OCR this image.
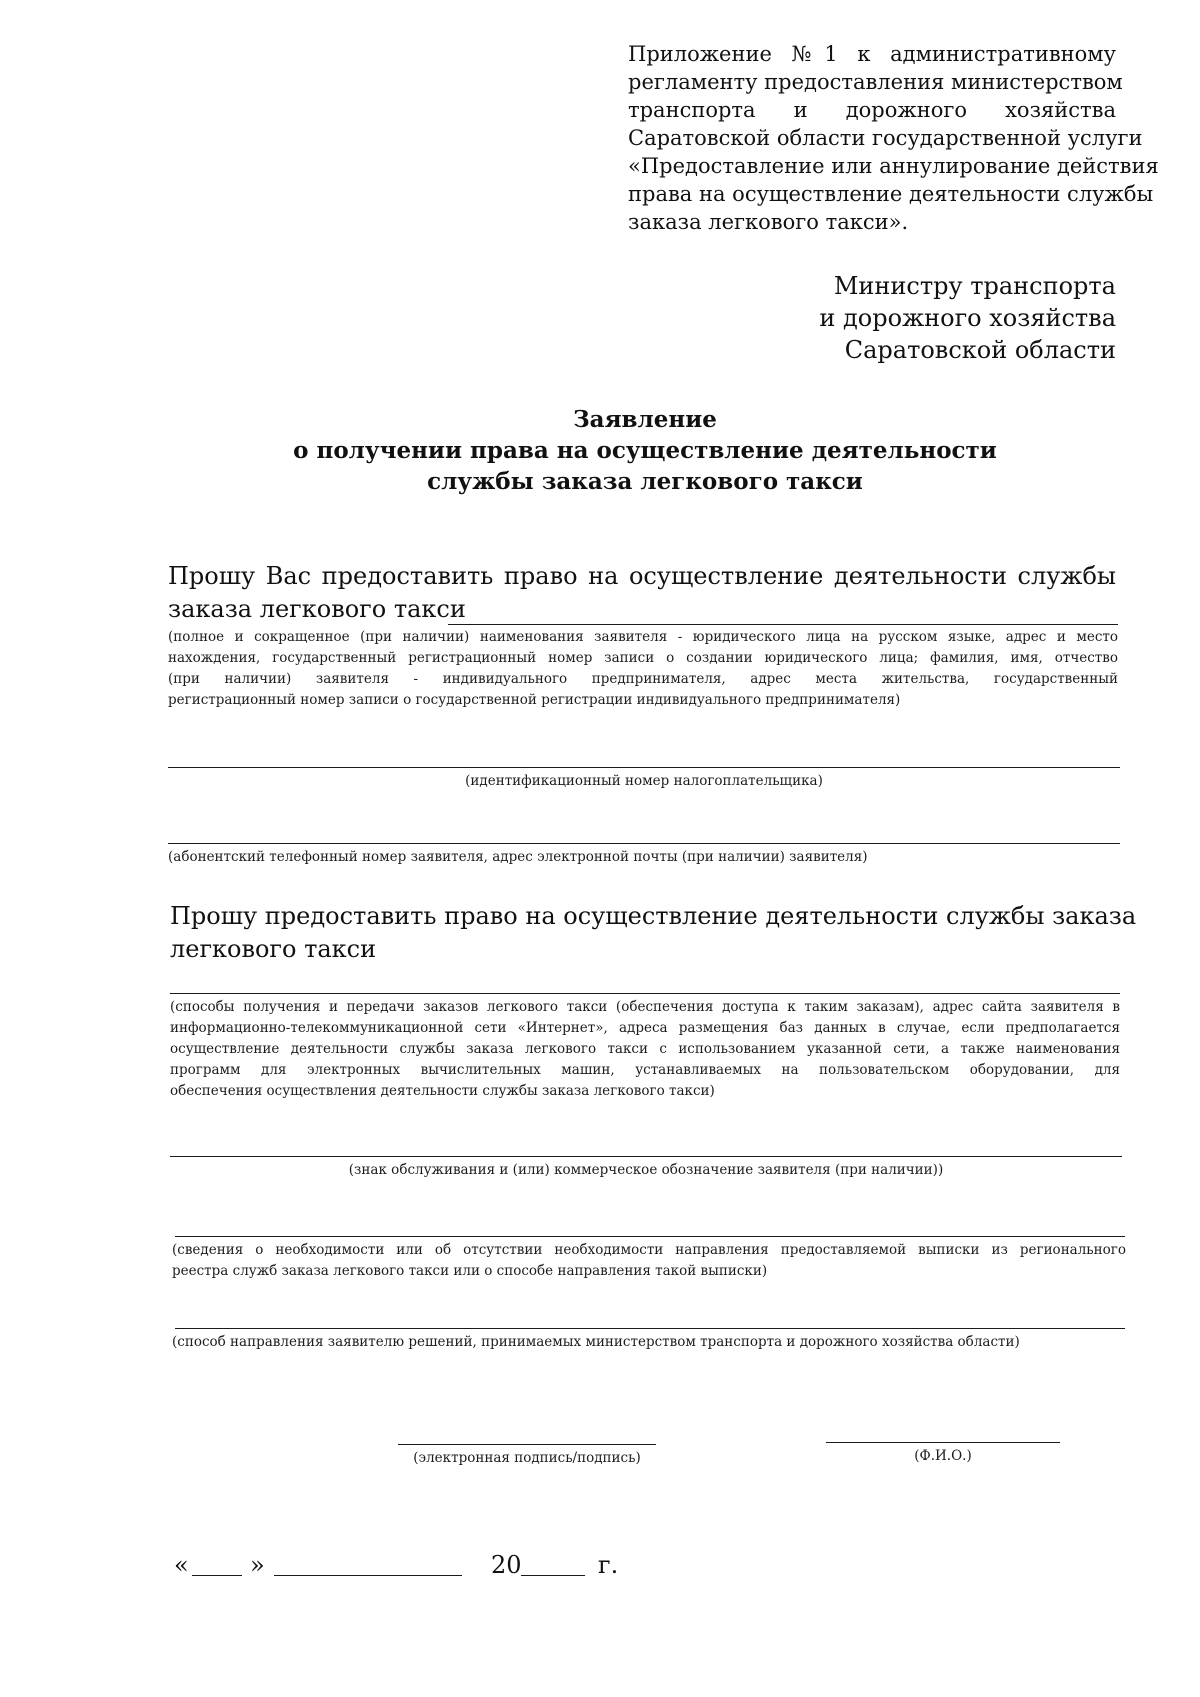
Приложение №1 к административному
регламенту предоставления министерством
транспорта и дорожного хозяйства
Саратовской области государственной услуги
«Предоставление или аннулирование действия
права на осуществление деятельности службы
заказа легкового такси».
Министру транспорта
и дорожного хозяйства
Саратовской области
Заявление
о получении права на осуществление деятельности
службы заказа легкового такси
Прошу Вас предоставить право на осуществление деятельности службы
заказа легкового такси
(полное и сокращенное (при наличии) наименования заявителя - юридического лица на русском языке, адрес и место
нахождения, государственный регистрационный номер записи о создании юридического лица; фамилия, имя, отчество
(при наличии) заявителя - индивидуального предпринимателя, адрес места жительства, государственный
регистрационный номер записи о государственной регистрации индивидуального предпринимателя)
(идентификационный номер налогоплательщика)
(абонентский телефонный номер заявителя, адрес электронной почты (при наличии) заявителя)
Прошу предоставить право на осуществление деятельности службы заказа
легкового такси
(способы получения и передачи заказов легкового такси (обеспечения доступа к таким заказам), адрес сайта заявителя в
информационно-телекоммуникационной сети «Интернет», адреса размещения баз данных в случае, если предполагается
осуществление деятельности службы заказа легкового такси с использованием указанной сети, а также наименования
программ для электронных вычислительных машин, устанавливаемых на пользовательском оборудовании, для
обеспечения осуществления деятельности службы заказа легкового такси)
(знак обслуживания и (или) коммерческое обозначение заявителя (при наличии))
(сведения о необходимости или об отсутствии необходимости направления предоставляемой выписки из регионального
реестра служб заказа легкового такси или о способе направления такой выписки)
(способ направления заявителю решений, принимаемых министерством транспорта и дорожного хозяйства области)
(электронная подпись/подпись)	(Ф.И.О.)
«	»	20	г.
